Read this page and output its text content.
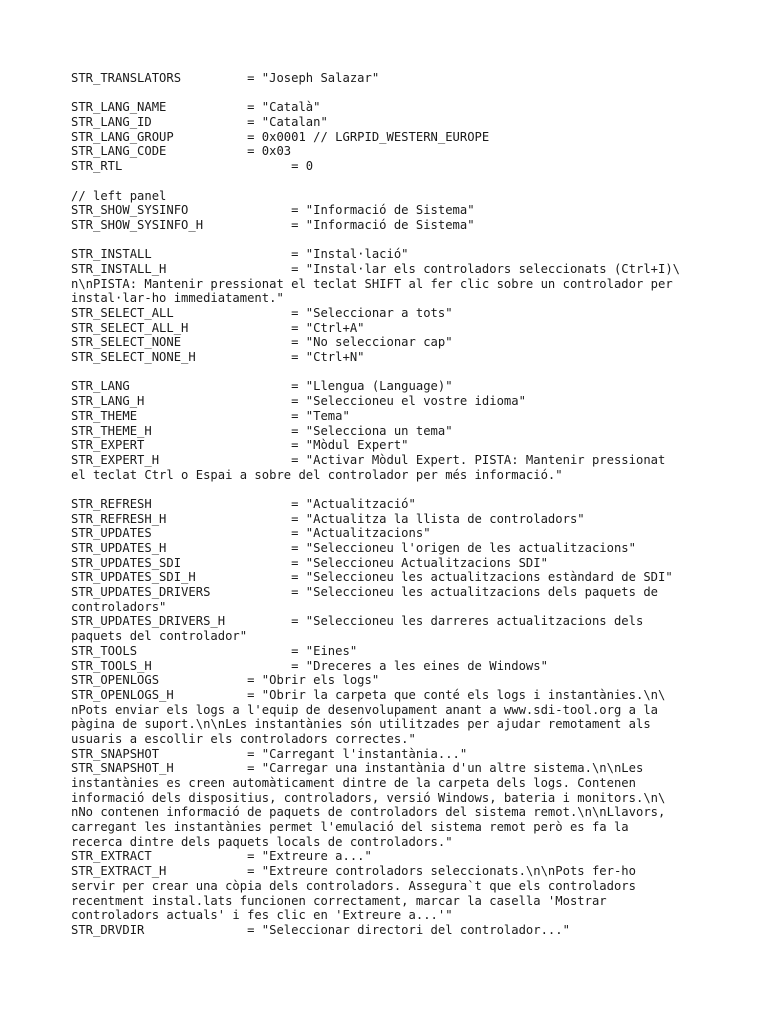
STR_TRANSLATORS         = "Joseph Salazar"
STR_LANG_NAME           = "Català"
STR_LANG_ID             = "Catalan"
STR_LANG_GROUP          = 0x0001 // LGRPID_WESTERN_EUROPE
STR_LANG_CODE           = 0x03
STR_RTL                       = 0
// left panel
STR_SHOW_SYSINFO              = "Informació de Sistema"
STR_SHOW_SYSINFO_H            = "Informació de Sistema"
STR_INSTALL                   = "Instal·lació"
STR_INSTALL_H                 = "Instal·lar els controladors seleccionats (Ctrl+I)\
n\nPISTA: Mantenir pressionat el teclat SHIFT al fer clic sobre un controlador per
instal·lar-ho immediatament."
STR_SELECT_ALL                = "Seleccionar a tots"
STR_SELECT_ALL_H              = "Ctrl+A"
STR_SELECT_NONE               = "No seleccionar cap"
STR_SELECT_NONE_H             = "Ctrl+N"
STR_LANG                      = "Llengua (Language)"
STR_LANG_H                    = "Seleccioneu el vostre idioma"
STR_THEME                     = "Tema"
STR_THEME_H                   = "Selecciona un tema"
STR_EXPERT                    = "Mòdul Expert"
STR_EXPERT_H                  = "Activar Mòdul Expert. PISTA: Mantenir pressionat
el teclat Ctrl o Espai a sobre del controlador per més informació."
STR_REFRESH                   = "Actualització"
STR_REFRESH_H                 = "Actualitza la llista de controladors"
STR_UPDATES                   = "Actualitzacions"
STR_UPDATES_H                 = "Seleccioneu l'origen de les actualitzacions"
STR_UPDATES_SDI               = "Seleccioneu Actualitzacions SDI"
STR_UPDATES_SDI_H             = "Seleccioneu les actualitzacions estàndard de SDI"
STR_UPDATES_DRIVERS           = "Seleccioneu les actualitzacions dels paquets de
controladors"
STR_UPDATES_DRIVERS_H         = "Seleccioneu les darreres actualitzacions dels
paquets del controlador"
STR_TOOLS                     = "Eines"
STR_TOOLS_H                   = "Dreceres a les eines de Windows"
STR_OPENLOGS            = "Obrir els logs"
STR_OPENLOGS_H          = "Obrir la carpeta que conté els logs i instantànies.\n\
nPots enviar els logs a l'equip de desenvolupament anant a www.sdi-tool.org a la
pàgina de suport.\n\nLes instantànies són utilitzades per ajudar remotament als
usuaris a escollir els controladors correctes."
STR_SNAPSHOT            = "Carregant l'instantània..."
STR_SNAPSHOT_H          = "Carregar una instantània d'un altre sistema.\n\nLes
instantànies es creen automàticament dintre de la carpeta dels logs. Contenen
informació dels dispositius, controladors, versió Windows, bateria i monitors.\n\
nNo contenen informació de paquets de controladors del sistema remot.\n\nLlavors,
carregant les instantànies permet l'emulació del sistema remot però es fa la
recerca dintre dels paquets locals de controladors."
STR_EXTRACT             = "Extreure a..."
STR_EXTRACT_H           = "Extreure controladors seleccionats.\n\nPots fer-ho
servir per crear una còpia dels controladors. Assegura`t que els controladors
recentment instal.lats funcionen correctament, marcar la casella 'Mostrar
controladors actuals' i fes clic en 'Extreure a...'"
STR_DRVDIR              = "Seleccionar directori del controlador..."
